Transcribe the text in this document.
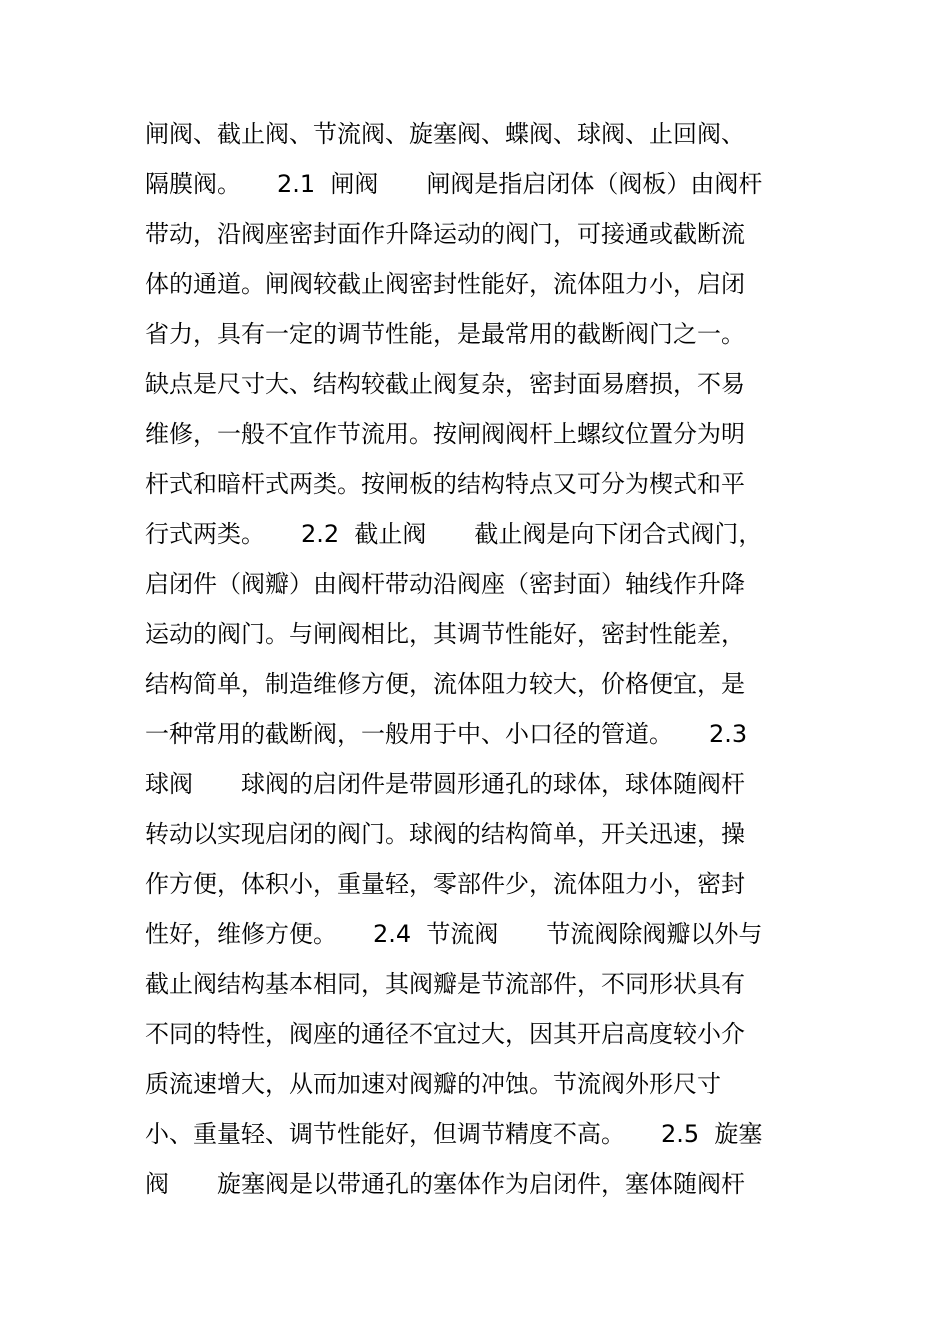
闸阀、截止阀、节流阀、旋塞阀、蝶阀、球阀、止回阀、
隔膜阀。　　2.1  闸阀　　闸阀是指启闭体（阀板）由阀杆
带动，沿阀座密封面作升降运动的阀门，可接通或截断流
体的通道。闸阀较截止阀密封性能好，流体阻力小，启闭
省力，具有一定的调节性能，是最常用的截断阀门之一。
缺点是尺寸大、结构较截止阀复杂，密封面易磨损，不易
维修，一般不宜作节流用。按闸阀阀杆上螺纹位置分为明
杆式和暗杆式两类。按闸板的结构特点又可分为楔式和平
行式两类。　　2.2  截止阀　　截止阀是向下闭合式阀门，
启闭件（阀瓣）由阀杆带动沿阀座（密封面）轴线作升降
运动的阀门。与闸阀相比，其调节性能好，密封性能差，
结构简单，制造维修方便，流体阻力较大，价格便宜，是
一种常用的截断阀，一般用于中、小口径的管道。　　2.3
球阀　　球阀的启闭件是带圆形通孔的球体，球体随阀杆
转动以实现启闭的阀门。球阀的结构简单，开关迅速，操
作方便，体积小，重量轻，零部件少，流体阻力小，密封
性好，维修方便。　　2.4  节流阀　　节流阀除阀瓣以外与
截止阀结构基本相同，其阀瓣是节流部件，不同形状具有
不同的特性，阀座的通径不宜过大，因其开启高度较小介
质流速增大，从而加速对阀瓣的冲蚀。节流阀外形尺寸
小、重量轻、调节性能好，但调节精度不高。　　2.5  旋塞
阀　　旋塞阀是以带通孔的塞体作为启闭件，塞体随阀杆
